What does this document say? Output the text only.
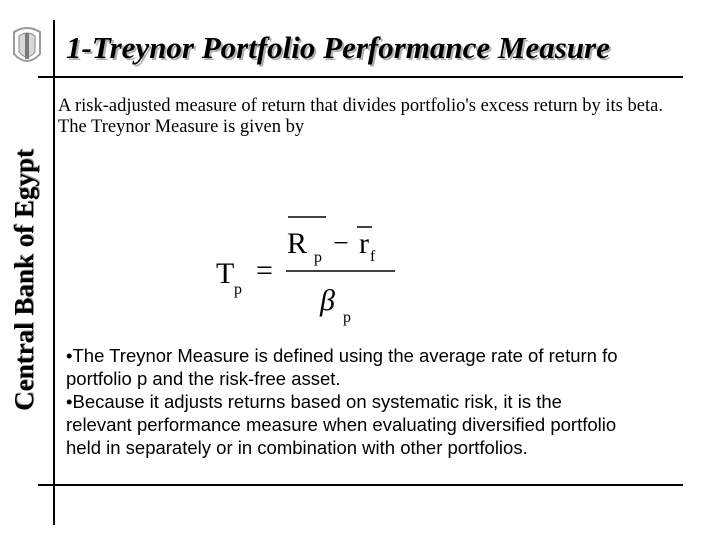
Central Bank of Egypt
1-Treynor Portfolio Performance Measure

A risk-adjusted measure of return that divides portfolio's excess return by its beta.

The Treynor Measure is given by

T p
=
R p − r f
β
p

•The Treynor Measure is defined using the average rate of return fo

portfolio p and the risk-free asset.

•Because it adjusts returns based on systematic risk, it is the

relevant performance measure when evaluating diversified portfolio

held in separately or in combination with other portfolios.
